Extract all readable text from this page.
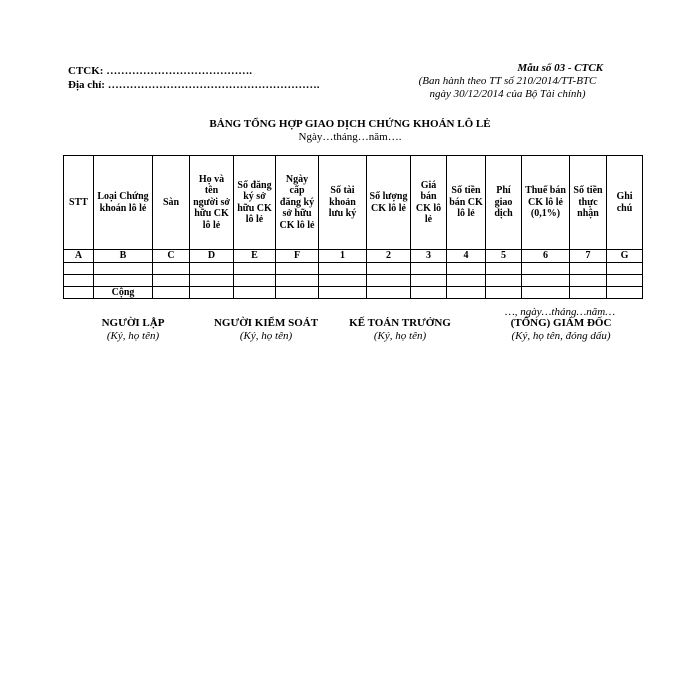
CTCK: ………………………………….
Địa chỉ: ………………………………………………….
Mẫu số 03 - CTCK
(Ban hành theo TT số 210/2014/TT-BTC
ngày 30/12/2014 của Bộ Tài chính)
BẢNG TỔNG HỢP GIAO DỊCH CHỨNG KHOÁN LÔ LẺ
Ngày…tháng…năm….
STT	Loại Chứng khoán lô lẻ	Sàn	Họ và tên người sở hữu CK lô lẻ	Số đăng ký sở hữu CK lô lẻ	Ngày cấp đăng ký sở hữu CK lô lẻ	Số tài khoản lưu ký	Số lượng CK lô lẻ	Giá bán CK lô lẻ	Số tiền bán CK lô lẻ	Phí giao dịch	Thuế bán CK lô lẻ (0,1%)	Số tiền thực nhận	Ghi chú
A	B	C	D	E	F	1	2	3	4	5	6	7	G

	Cộng												
…, ngày…tháng…năm…
NGƯỜI LẬP
(Ký, họ tên)
NGƯỜI KIỂM SOÁT
(Ký, họ tên)
KẾ TOÁN TRƯỞNG
(Ký, họ tên)
(TỔNG) GIÁM ĐỐC
(Ký, họ tên, đóng dấu)
